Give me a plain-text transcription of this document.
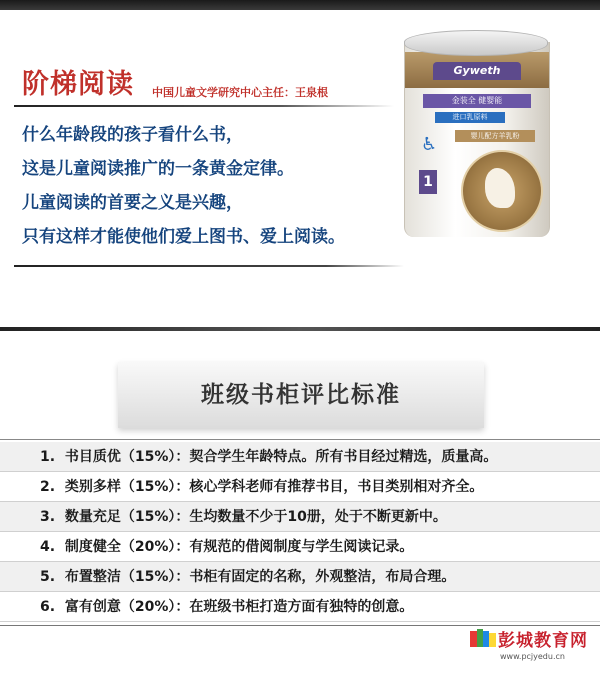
阶梯阅读 中国儿童文学研究中心主任：王泉根
什么年龄段的孩子看什么书，
这是儿童阅读推广的一条黄金定律。
儿童阅读的首要之义是兴趣，
只有这样才能使他们爱上图书、爱上阅读。
Gyweth
金装全 健婴能
进口乳原料
♿︎	婴儿配方羊乳粉
1
班级书柜评比标准
1. 书目质优（15%）：契合学生年龄特点。所有书目经过精选，质量高。
2. 类别多样（15%）：核心学科老师有推荐书目，书目类别相对齐全。
3. 数量充足（15%）：生均数量不少于10册，处于不断更新中。
4. 制度健全（20%）：有规范的借阅制度与学生阅读记录。
5. 布置整洁（15%）：书柜有固定的名称，外观整洁，布局合理。
6. 富有创意（20%）：在班级书柜打造方面有独特的创意。
彭城教育网
www.pcjyedu.cn
